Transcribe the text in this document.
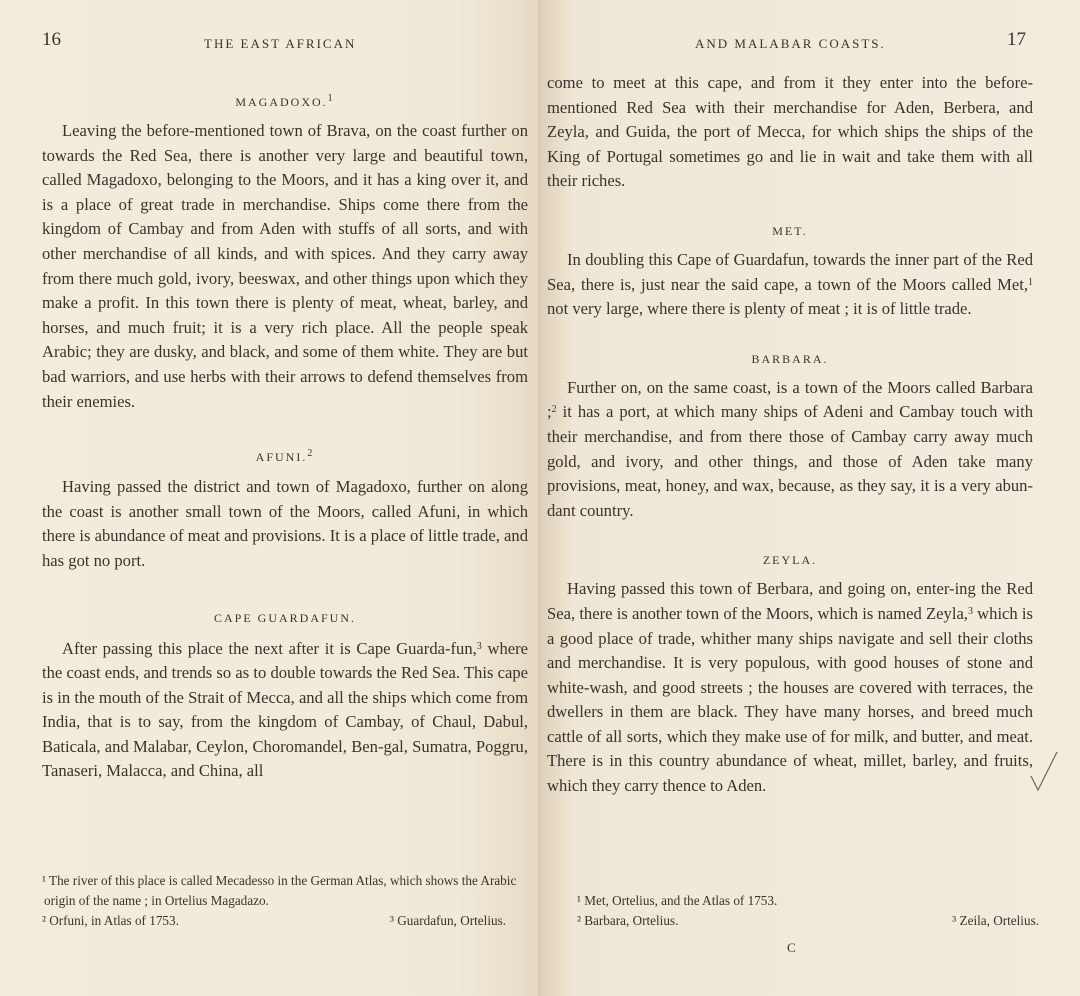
16	THE EAST AFRICAN

MAGADOXO.$^1$

Leaving the before-mentioned town of Brava, on the coast further on towards the Red Sea, there is another very large and beautiful town, called Magadoxo, belonging to the Moors, and it has a king over it, and is a place of great trade in merchandise. Ships come there from the kingdom of Cambay and from Aden with stuffs of all sorts, and with other merchandise of all kinds, and with spices. And they carry away from there much gold, ivory, beeswax, and other things upon which they make a profit. In this town there is plenty of meat, wheat, barley, and horses, and much fruit; it is a very rich place. All the people speak Arabic; they are dusky, and black, and some of them white. They are but bad warriors, and use herbs with their arrows to defend themselves from their enemies.

AFUNI.$^2$

Having passed the district and town of Magadoxo, further on along the coast is another small town of the Moors, called Afuni, in which there is abundance of meat and provisions. It is a place of little trade, and has got no port.

CAPE GUARDAFUN.

After passing this place the next after it is Cape Guarda-fun,$^3$ where the coast ends, and trends so as to double towards the Red Sea. This cape is in the mouth of the Strait of Mecca, and all the ships which come from India, that is to say, from the kingdom of Cambay, of Chaul, Dabul, Baticala, and Malabar, Ceylon, Choromandel, Ben-gal, Sumatra, Poggru, Tanaseri, Malacca, and China, all

¹ The river of this place is called Mecadesso in the German Atlas, which shows the Arabic origin of the name ; in Ortelius Magadazo.

² Orfuni, in Atlas of 1753.	³ Guardafun, Ortelius.

AND MALABAR COASTS.	17

come to meet at this cape, and from it they enter into the before-mentioned Red Sea with their merchandise for Aden, Berbera, and Zeyla, and Guida, the port of Mecca, for which ships the ships of the King of Portugal sometimes go and lie in wait and take them with all their riches.

MET.

In doubling this Cape of Guardafun, towards the inner part of the Red Sea, there is, just near the said cape, a town of the Moors called Met,$^1$ not very large, where there is plenty of meat ; it is of little trade.

BARBARA.

Further on, on the same coast, is a town of the Moors called Barbara ;$^2$ it has a port, at which many ships of Adeni and Cambay touch with their merchandise, and from there those of Cambay carry away much gold, and ivory, and other things, and those of Aden take many provisions, meat, honey, and wax, because, as they say, it is a very abun-dant country.

ZEYLA.

Having passed this town of Berbara, and going on, enter-ing the Red Sea, there is another town of the Moors, which is named Zeyla,$^3$ which is a good place of trade, whither many ships navigate and sell their cloths and merchandise. It is very populous, with good houses of stone and white-wash, and good streets ; the houses are covered with terraces, the dwellers in them are black. They have many horses, and breed much cattle of all sorts, which they make use of for milk, and butter, and meat. There is in this country abundance of wheat, millet, barley, and fruits, which they carry thence to Aden.

¹ Met, Ortelius, and the Atlas of 1753.

² Barbara, Ortelius.	³ Zeila, Ortelius.

C
